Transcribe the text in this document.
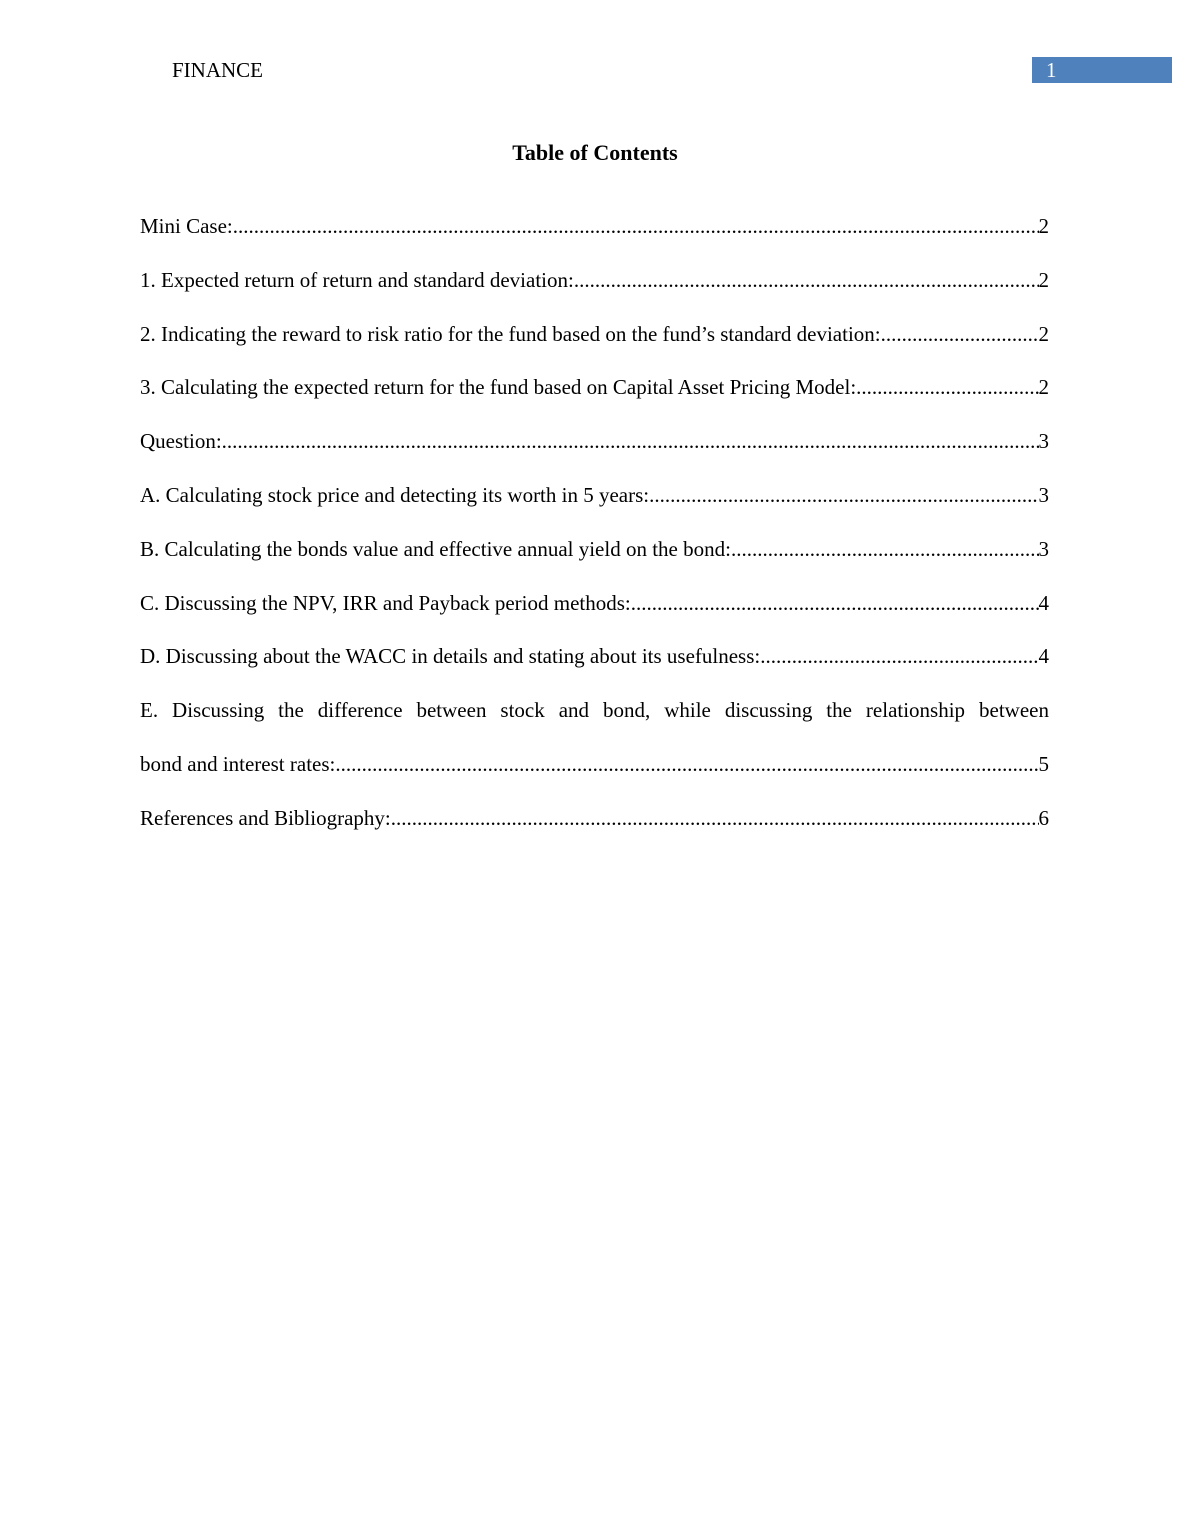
FINANCE	1
Table of Contents
Mini Case: .....	2
1. Expected return of return and standard deviation: .....	2
2. Indicating the reward to risk ratio for the fund based on the fund’s standard deviation: .....	2
3. Calculating the expected return for the fund based on Capital Asset Pricing Model: .....	2
Question: .....	3
A. Calculating stock price and detecting its worth in 5 years: .....	3
B. Calculating the bonds value and effective annual yield on the bond: .....	3
C. Discussing the NPV, IRR and Payback period methods: .....	4
D. Discussing about the WACC in details and stating about its usefulness: .....	4
E. Discussing the difference between stock and bond, while discussing the relationship between
bond and interest rates: .....	5
References and Bibliography: .....	6
